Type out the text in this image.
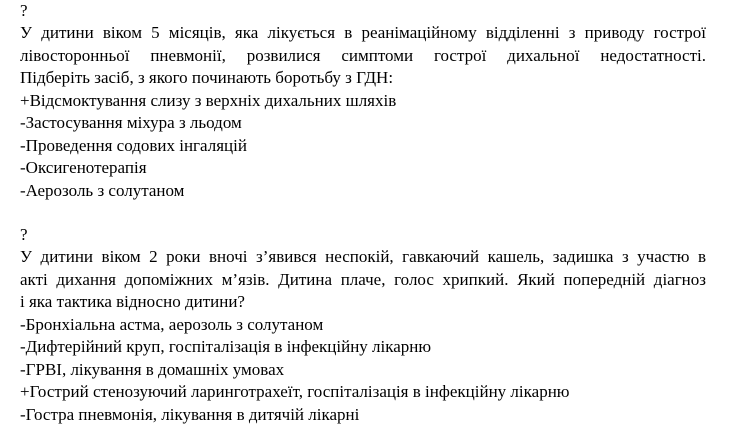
?
У дитини віком 5 місяців, яка лікується в реанімаційному відділенні з приводу гострої
лівосторонньої пневмонії, розвилися симптоми гострої дихальної недостатності.
Підберіть засіб, з якого починають боротьбу з ГДН:
+Відсмоктування слизу з верхніх дихальних шляхів
-Застосування міхура з льодом
-Проведення содових інгаляцій
-Оксигенотерапія
-Аерозоль з солутаном
?
У дитини віком 2 роки вночі з’явився неспокій, гавкаючий кашель, задишка з участю в
акті дихання допоміжних м’язів. Дитина плаче, голос хрипкий. Який попередній діагноз
і яка тактика відносно дитини?
-Бронхіальна астма, аерозоль з солутаном
-Дифтерійний круп, госпіталізація в інфекційну лікарню
-ГРВІ, лікування в домашніх умовах
+Гострий стенозуючий ларинготрахеїт, госпіталізація в інфекційну лікарню
-Гостра пневмонія, лікування в дитячій лікарні
